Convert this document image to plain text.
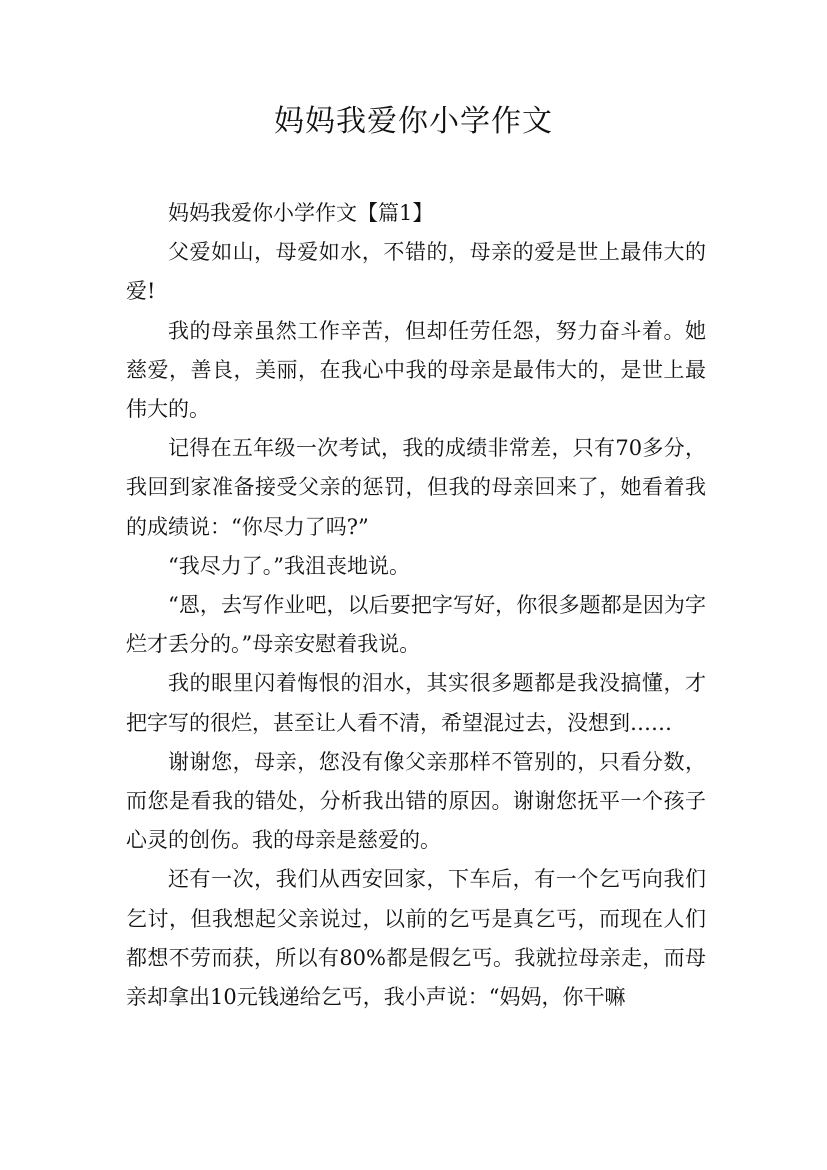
妈妈我爱你小学作文

妈妈我爱你小学作文【篇1】

父爱如山，母爱如水，不错的，母亲的爱是世上最伟大的爱!

我的母亲虽然工作辛苦，但却任劳任怨，努力奋斗着。她慈爱，善良，美丽，在我心中我的母亲是最伟大的，是世上最伟大的。

记得在五年级一次考试，我的成绩非常差，只有70多分，我回到家准备接受父亲的惩罚，但我的母亲回来了，她看着我的成绩说：“你尽力了吗?”

“我尽力了。”我沮丧地说。

“恩，去写作业吧，以后要把字写好，你很多题都是因为字烂才丢分的。”母亲安慰着我说。

我的眼里闪着悔恨的泪水，其实很多题都是我没搞懂，才把字写的很烂，甚至让人看不清，希望混过去，没想到……

谢谢您，母亲，您没有像父亲那样不管别的，只看分数，而您是看我的错处，分析我出错的原因。谢谢您抚平一个孩子心灵的创伤。我的母亲是慈爱的。

还有一次，我们从西安回家，下车后，有一个乞丐向我们乞讨，但我想起父亲说过，以前的乞丐是真乞丐，而现在人们都想不劳而获，所以有80%都是假乞丐。我就拉母亲走，而母亲却拿出10元钱递给乞丐，我小声说：“妈妈，你干嘛
